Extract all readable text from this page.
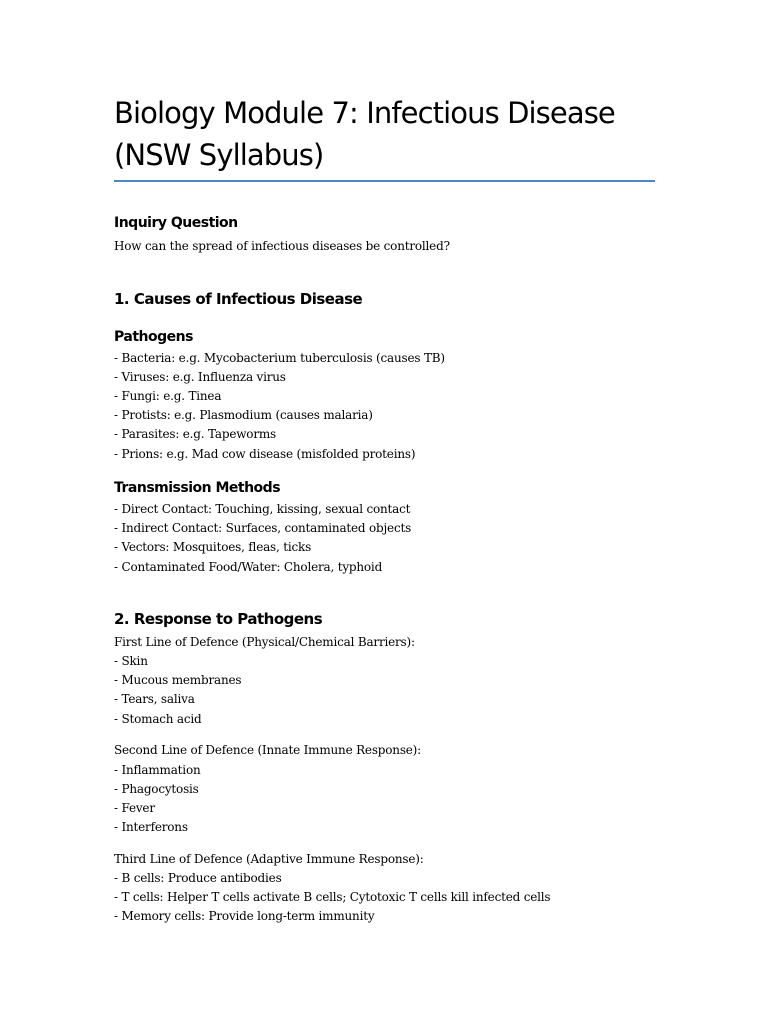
Biology Module 7: Infectious Disease
(NSW Syllabus)
Inquiry Question

How can the spread of infectious diseases be controlled?

1. Causes of Infectious Disease
Pathogens

- Bacteria: e.g. Mycobacterium tuberculosis (causes TB)

- Viruses: e.g. Influenza virus

- Fungi: e.g. Tinea

- Protists: e.g. Plasmodium (causes malaria)

- Parasites: e.g. Tapeworms

- Prions: e.g. Mad cow disease (misfolded proteins)

Transmission Methods

- Direct Contact: Touching, kissing, sexual contact

- Indirect Contact: Surfaces, contaminated objects

- Vectors: Mosquitoes, fleas, ticks

- Contaminated Food/Water: Cholera, typhoid

2. Response to Pathogens

First Line of Defence (Physical/Chemical Barriers):

- Skin

- Mucous membranes

- Tears, saliva

- Stomach acid

Second Line of Defence (Innate Immune Response):

- Inflammation

- Phagocytosis

- Fever

- Interferons

Third Line of Defence (Adaptive Immune Response):

- B cells: Produce antibodies

- T cells: Helper T cells activate B cells; Cytotoxic T cells kill infected cells

- Memory cells: Provide long-term immunity
